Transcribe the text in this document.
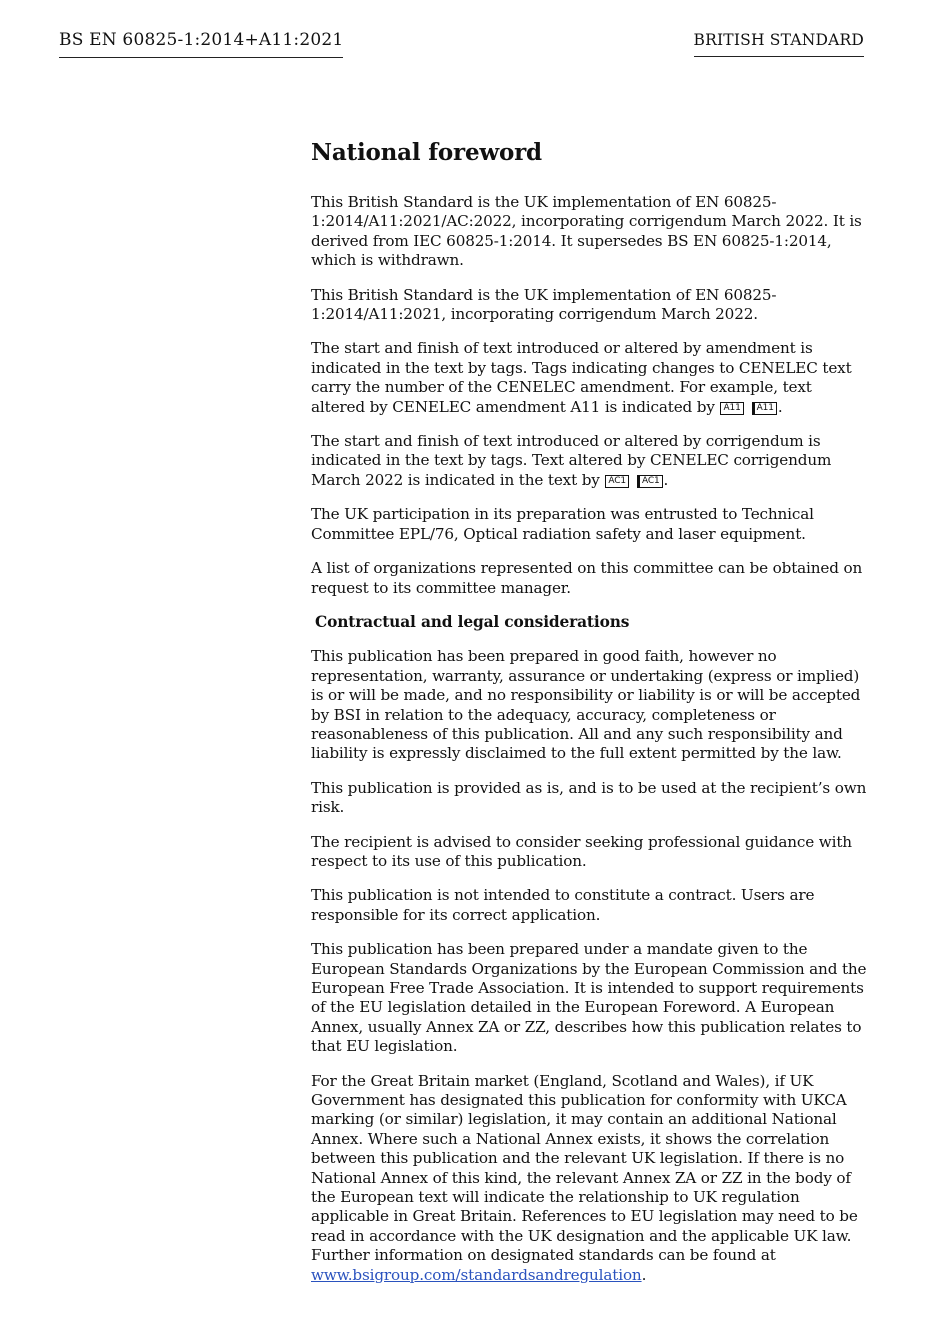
BS EN 60825-1:2014+A11:2021	BRITISH STANDARD
National foreword

This British Standard is the UK implementation of EN 60825-1:2014/A11:2021/AC:2022, incorporating corrigendum March 2022. It is derived from IEC 60825-1:2014. It supersedes BS EN 60825-1:2014, which is withdrawn.

This British Standard is the UK implementation of EN 60825-1:2014/A11:2021, incorporating corrigendum March 2022.

The start and finish of text introduced or altered by amendment is indicated in the text by tags. Tags indicating changes to CENELEC text carry the number of the CENELEC amendment. For example, text altered by CENELEC amendment A11 is indicated by A11 A11 .

The start and finish of text introduced or altered by corrigendum is indicated in the text by tags. Text altered by CENELEC corrigendum March 2022 is indicated in the text by AC1 AC1 .

The UK participation in its preparation was entrusted to Technical Committee EPL/76, Optical radiation safety and laser equipment.

A list of organizations represented on this committee can be obtained on request to its committee manager.

Contractual and legal considerations

This publication has been prepared in good faith, however no representation, warranty, assurance or undertaking (express or implied) is or will be made, and no responsibility or liability is or will be accepted by BSI in relation to the adequacy, accuracy, completeness or reasonableness of this publication. All and any such responsibility and liability is expressly disclaimed to the full extent permitted by the law.

This publication is provided as is, and is to be used at the recipient’s own risk.

The recipient is advised to consider seeking professional guidance with respect to its use of this publication.

This publication is not intended to constitute a contract. Users are responsible for its correct application.

This publication has been prepared under a mandate given to the European Standards Organizations by the European Commission and the European Free Trade Association. It is intended to support requirements of the EU legislation detailed in the European Foreword. A European Annex, usually Annex ZA or ZZ, describes how this publication relates to that EU legislation.

For the Great Britain market (England, Scotland and Wales), if UK Government has designated this publication for conformity with UKCA marking (or similar) legislation, it may contain an additional National Annex. Where such a National Annex exists, it shows the correlation between this publication and the relevant UK legislation. If there is no National Annex of this kind, the relevant Annex ZA or ZZ in the body of the European text will indicate the relationship to UK regulation applicable in Great Britain. References to EU legislation may need to be read in accordance with the UK designation and the applicable UK law. Further information on designated standards can be found at www.bsigroup.com/standardsandregulation.
